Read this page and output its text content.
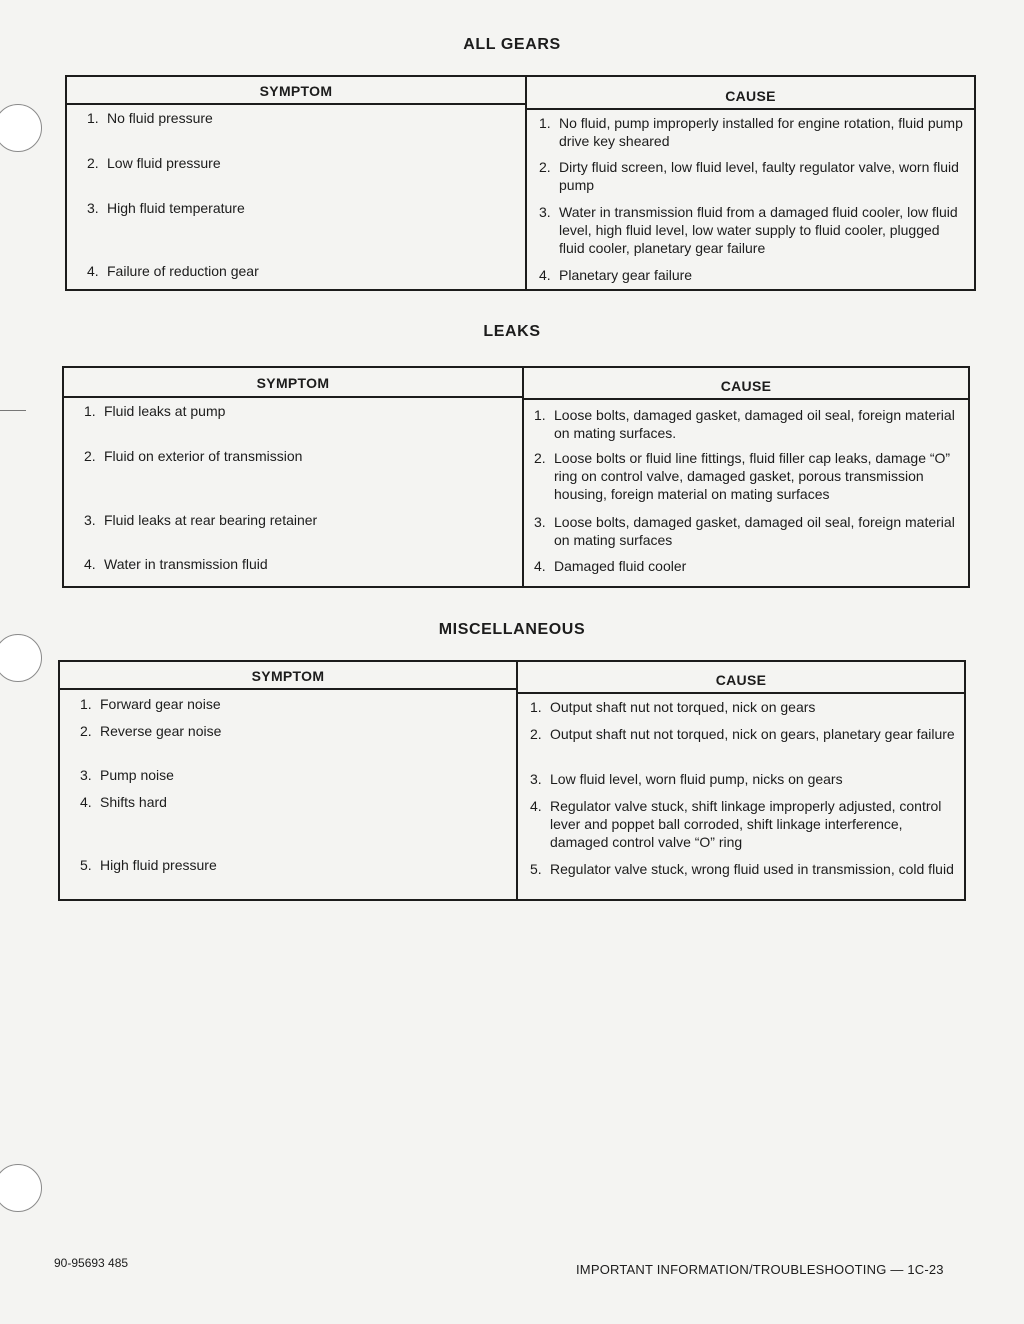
ALL GEARS
SYMPTOM
1. No fluid pressure
2. Low fluid pressure
3. High fluid temperature
4. Failure of reduction gear
CAUSE
1. No fluid, pump improperly installed for engine rotation, fluid pump drive key sheared
2. Dirty fluid screen, low fluid level, faulty regulator valve, worn fluid pump
3. Water in transmission fluid from a damaged fluid cooler, low fluid level, high fluid level, low water supply to fluid cooler, plugged fluid cooler, planetary gear failure
4. Planetary gear failure
LEAKS
SYMPTOM
1. Fluid leaks at pump
2. Fluid on exterior of transmission
3. Fluid leaks at rear bearing retainer
4. Water in transmission fluid
CAUSE
1. Loose bolts, damaged gasket, damaged oil seal, foreign material on mating surfaces.
2. Loose bolts or fluid line fittings, fluid filler cap leaks, damage “O” ring on control valve, damaged gasket, porous transmission housing, foreign material on mating surfaces
3. Loose bolts, damaged gasket, damaged oil seal, foreign material on mating surfaces
4. Damaged fluid cooler
MISCELLANEOUS
SYMPTOM
1. Forward gear noise
2. Reverse gear noise
3. Pump noise
4. Shifts hard
5. High fluid pressure
CAUSE
1. Output shaft nut not torqued, nick on gears
2. Output shaft nut not torqued, nick on gears, planetary gear failure
3. Low fluid level, worn fluid pump, nicks on gears
4. Regulator valve stuck, shift linkage improperly adjusted, control lever and poppet ball corroded, shift linkage interference, damaged control valve “O” ring
5. Regulator valve stuck, wrong fluid used in transmission, cold fluid
90-95693 485	IMPORTANT INFORMATION/TROUBLESHOOTING — 1C-23
